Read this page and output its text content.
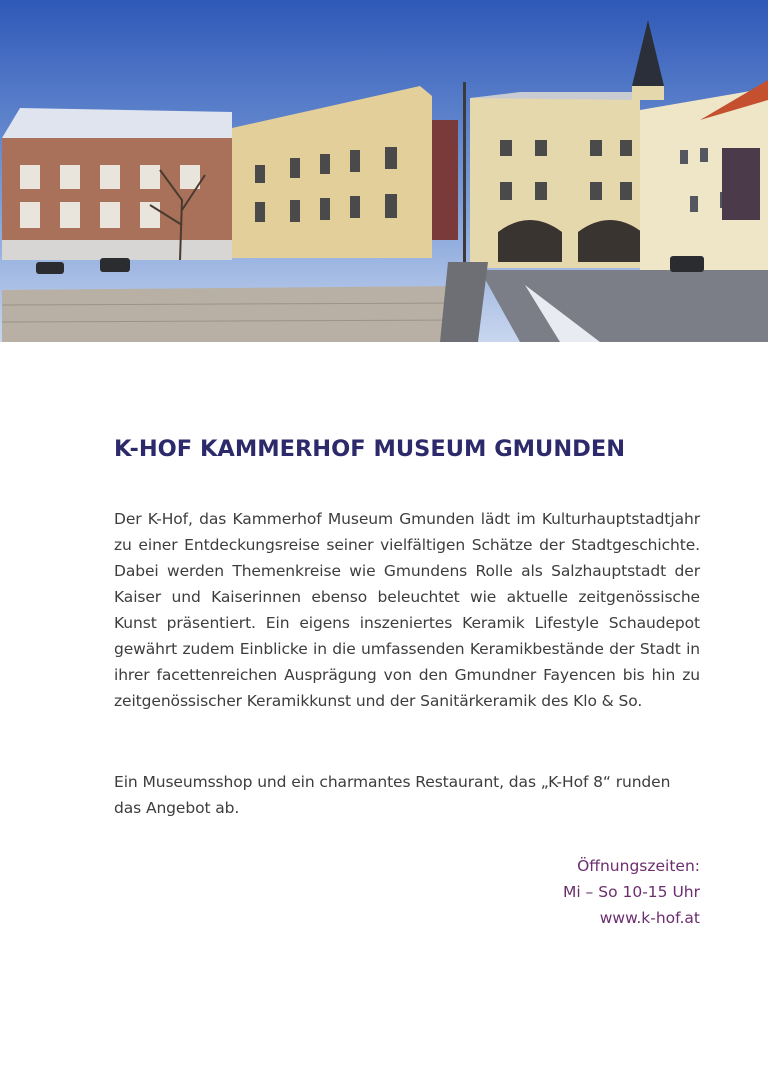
K-HOF KAMMERHOF MUSEUM GMUNDEN

Der K-Hof, das Kammerhof Museum Gmunden lädt im Kulturhauptstadtjahr zu einer Entdeckungsreise seiner vielfältigen Schätze der Stadtgeschichte. Dabei werden Themenkreise wie Gmundens Rolle als Salzhauptstadt der Kaiser und Kaiserinnen ebenso beleuchtet wie aktuelle zeitgenössische Kunst präsentiert. Ein eigens inszeniertes Keramik Lifestyle Schaudepot gewährt zudem Einblicke in die umfassenden Keramikbestände der Stadt in ihrer facettenreichen Ausprägung von den Gmundner Fayencen bis hin zu zeitgenössischer Keramikkunst und der Sanitärkeramik des Klo & So.

Ein Museumsshop und ein charmantes Restaurant, das „K-Hof 8“ runden das Angebot ab.

Öffnungszeiten:
Mi – So 10-15 Uhr
www.k-hof.at
